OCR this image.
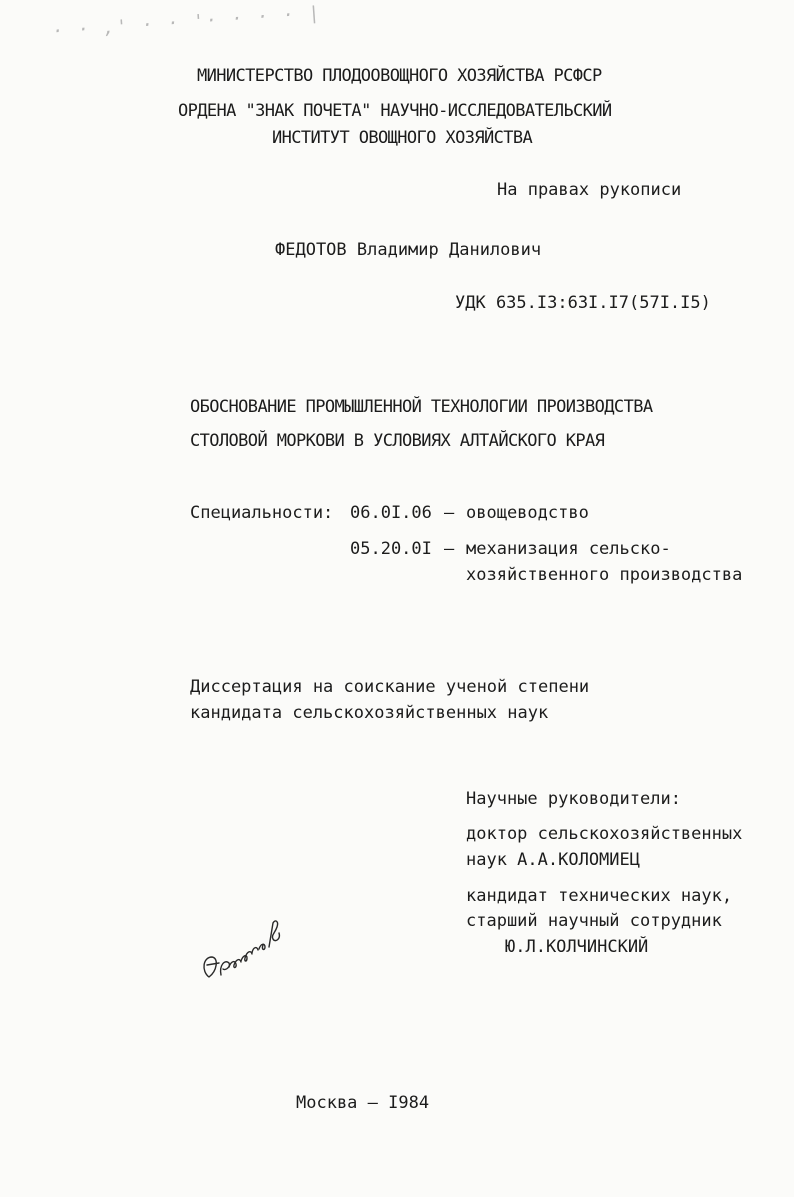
· · ,' · · '· · · · |
МИНИСТЕРСТВО ПЛОДООВОЩНОГО ХОЗЯЙСТВА РСФСР
ОРДЕНА "ЗНАК ПОЧЕТА" НАУЧНО-ИССЛЕДОВАТЕЛЬСКИЙ
ИНСТИТУТ ОВОЩНОГО ХОЗЯЙСТВА
На правах рукописи
ФЕДОТОВ Владимир Данилович
УДК 635.I3:63I.I7(57I.I5)
ОБОСНОВАНИЕ ПРОМЫШЛЕННОЙ ТЕХНОЛОГИИ ПРОИЗВОДСТВА
СТОЛОВОЙ МОРКОВИ В УСЛОВИЯХ АЛТАЙСКОГО КРАЯ
Специальности: 06.0I.06 – овощеводство
05.20.0I – механизация сельско-
хозяйственного производства
Диссертация на соискание ученой степени
кандидата сельскохозяйственных наук
Научные руководители:
доктор сельскохозяйственных
наук А.А.КОЛОМИЕЦ
кандидат технических наук,
старший научный сотрудник
Ю.Л.КОЛЧИНСКИЙ
Москва – I984
